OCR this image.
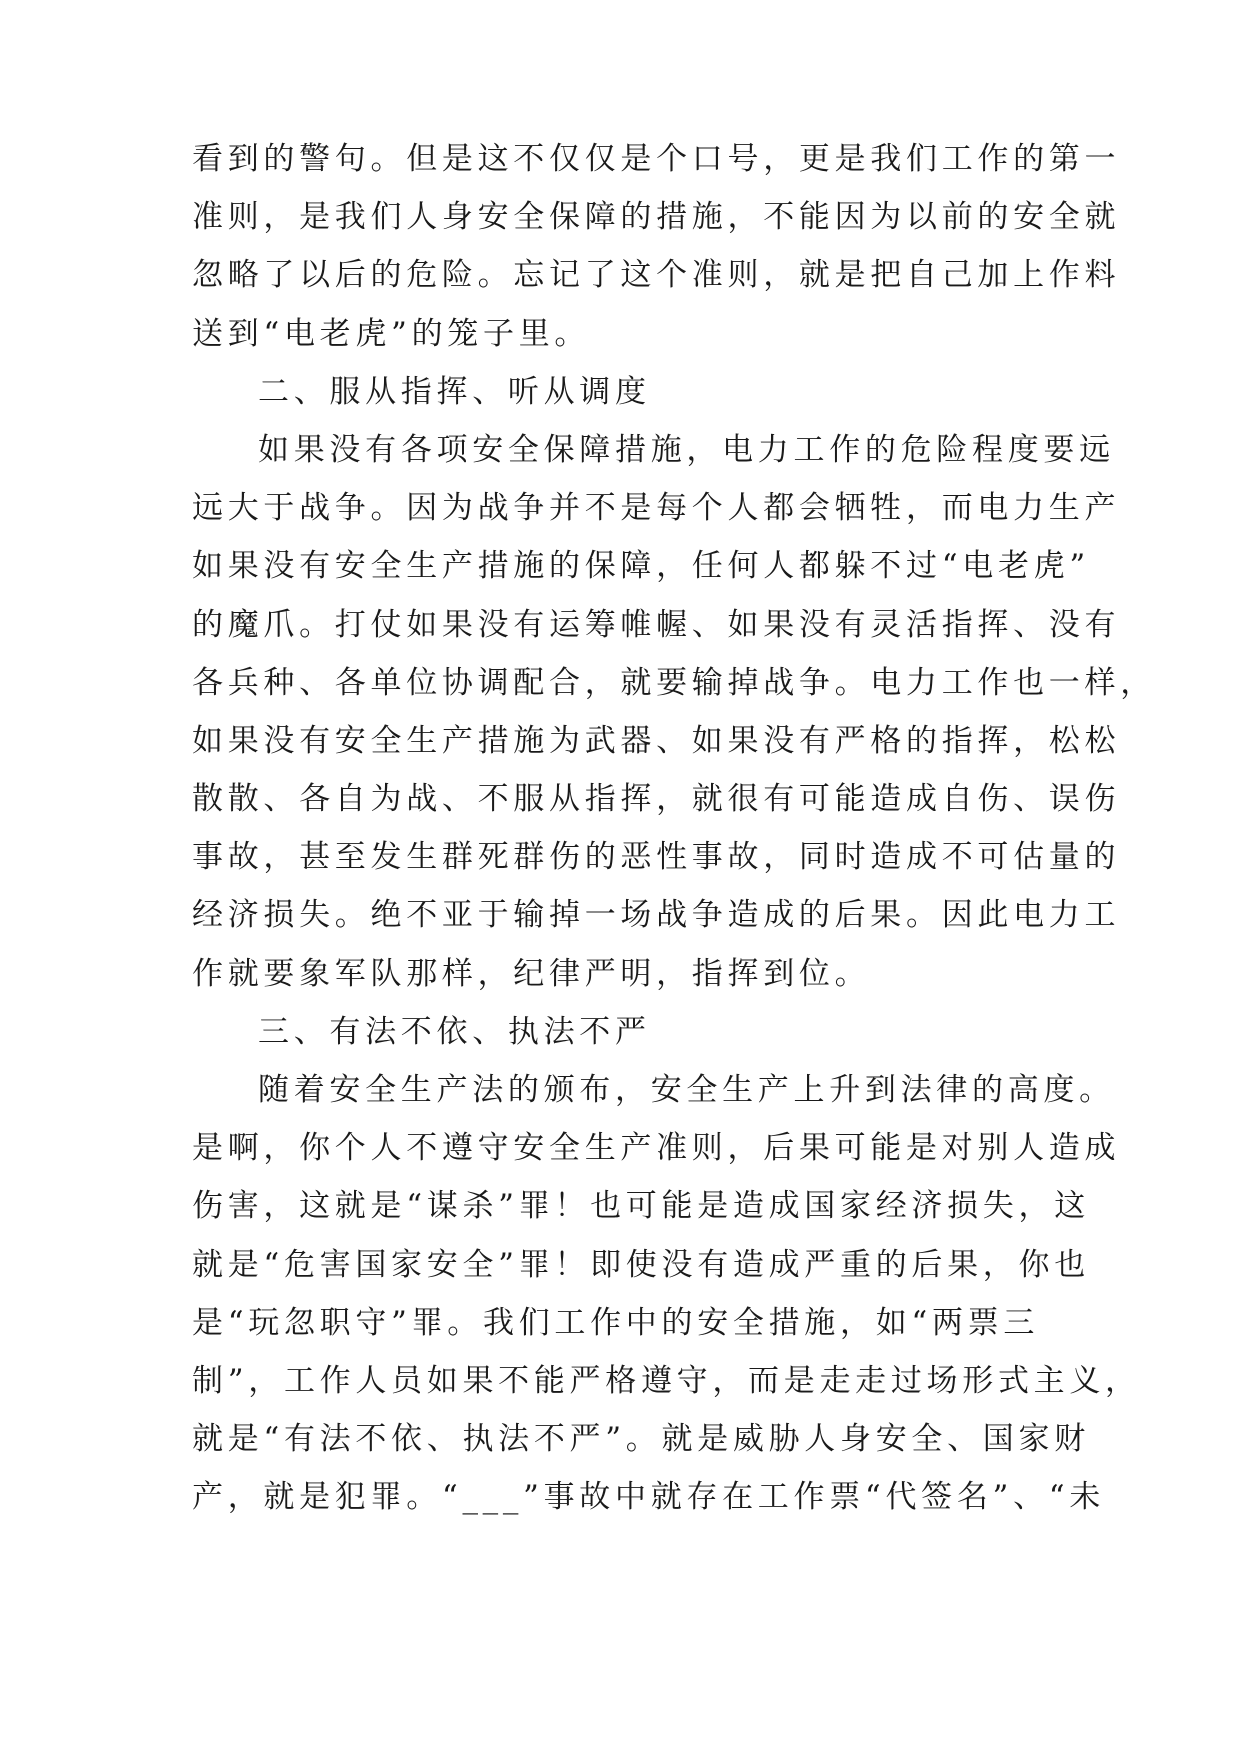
看到的警句。但是这不仅仅是个口号，更是我们工作的第一
准则，是我们人身安全保障的措施，不能因为以前的安全就
忽略了以后的危险。忘记了这个准则，就是把自己加上作料
送到“电老虎”的笼子里。
二、服从指挥、听从调度
如果没有各项安全保障措施，电力工作的危险程度要远
远大于战争。因为战争并不是每个人都会牺牲，而电力生产
如果没有安全生产措施的保障，任何人都躲不过“电老虎”
的魔爪。打仗如果没有运筹帷幄、如果没有灵活指挥、没有
各兵种、各单位协调配合，就要输掉战争。电力工作也一样，
如果没有安全生产措施为武器、如果没有严格的指挥，松松
散散、各自为战、不服从指挥，就很有可能造成自伤、误伤
事故，甚至发生群死群伤的恶性事故，同时造成不可估量的
经济损失。绝不亚于输掉一场战争造成的后果。因此电力工
作就要象军队那样，纪律严明，指挥到位。
三、有法不依、执法不严
随着安全生产法的颁布，安全生产上升到法律的高度。
是啊，你个人不遵守安全生产准则，后果可能是对别人造成
伤害，这就是“谋杀”罪！也可能是造成国家经济损失，这
就是“危害国家安全”罪！即使没有造成严重的后果，你也
是“玩忽职守”罪。我们工作中的安全措施，如“两票三
制”，工作人员如果不能严格遵守，而是走走过场形式主义，
就是“有法不依、执法不严”。就是威胁人身安全、国家财
产，就是犯罪。“___”事故中就存在工作票“代签名”、“未
